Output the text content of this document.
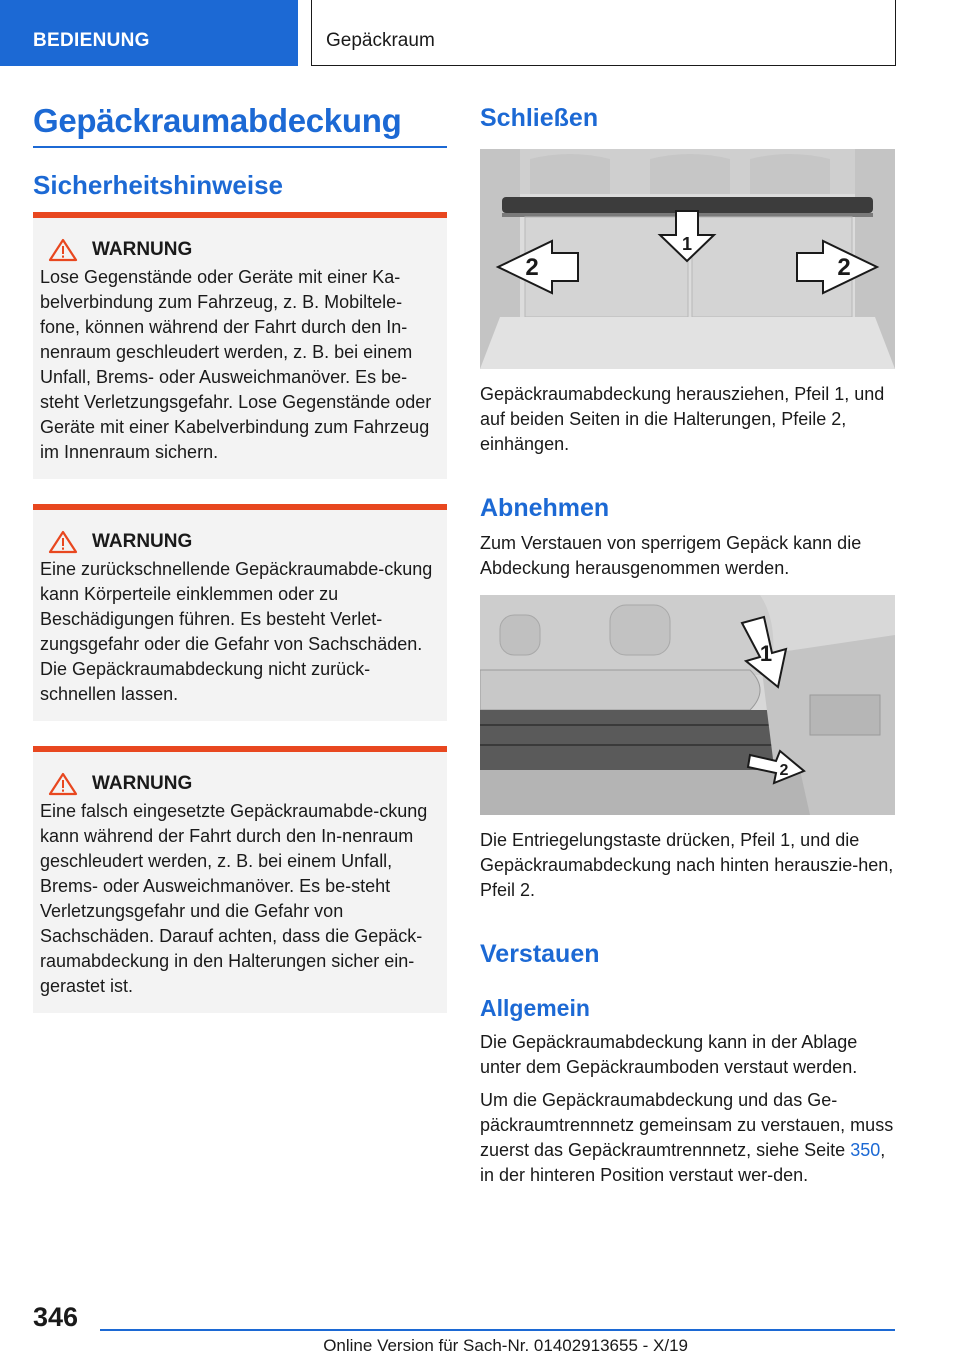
BEDIENUNG	Gepäckraum
Gepäckraumabdeckung
Sicherheitshinweise
WARNUNG
Lose Gegenstände oder Geräte mit einer Ka-belverbindung zum Fahrzeug, z. B. Mobiltele-fone, können während der Fahrt durch den In-nenraum geschleudert werden, z. B. bei einem Unfall, Brems- oder Ausweichmanöver. Es be-steht Verletzungsgefahr. Lose Gegenstände oder Geräte mit einer Kabelverbindung zum Fahrzeug im Innenraum sichern.
WARNUNG
Eine zurückschnellende Gepäckraumabde-ckung kann Körperteile einklemmen oder zu Beschädigungen führen. Es besteht Verlet-zungsgefahr oder die Gefahr von Sachschäden. Die Gepäckraumabdeckung nicht zurück-schnellen lassen.
WARNUNG
Eine falsch eingesetzte Gepäckraumabde-ckung kann während der Fahrt durch den In-nenraum geschleudert werden, z. B. bei einem Unfall, Brems- oder Ausweichmanöver. Es be-steht Verletzungsgefahr und die Gefahr von Sachschäden. Darauf achten, dass die Gepäck-raumabdeckung in den Halterungen sicher ein-gerastet ist.
Schließen
1
2	2
Gepäckraumabdeckung herausziehen, Pfeil 1, und auf beiden Seiten in die Halterungen, Pfeile 2, einhängen.
Abnehmen
Zum Verstauen von sperrigem Gepäck kann die Abdeckung herausgenommen werden.
1
2
Die Entriegelungstaste drücken, Pfeil 1, und die Gepäckraumabdeckung nach hinten herauszie-hen, Pfeil 2.
Verstauen
Allgemein
Die Gepäckraumabdeckung kann in der Ablage unter dem Gepäckraumboden verstaut werden.
Um die Gepäckraumabdeckung und das Ge-päckraumtrennnetz gemeinsam zu verstauen, muss zuerst das Gepäckraumtrennnetz, siehe Seite 350, in der hinteren Position verstaut wer-den.
346
Online Version für Sach-Nr. 01402913655 - X/19
